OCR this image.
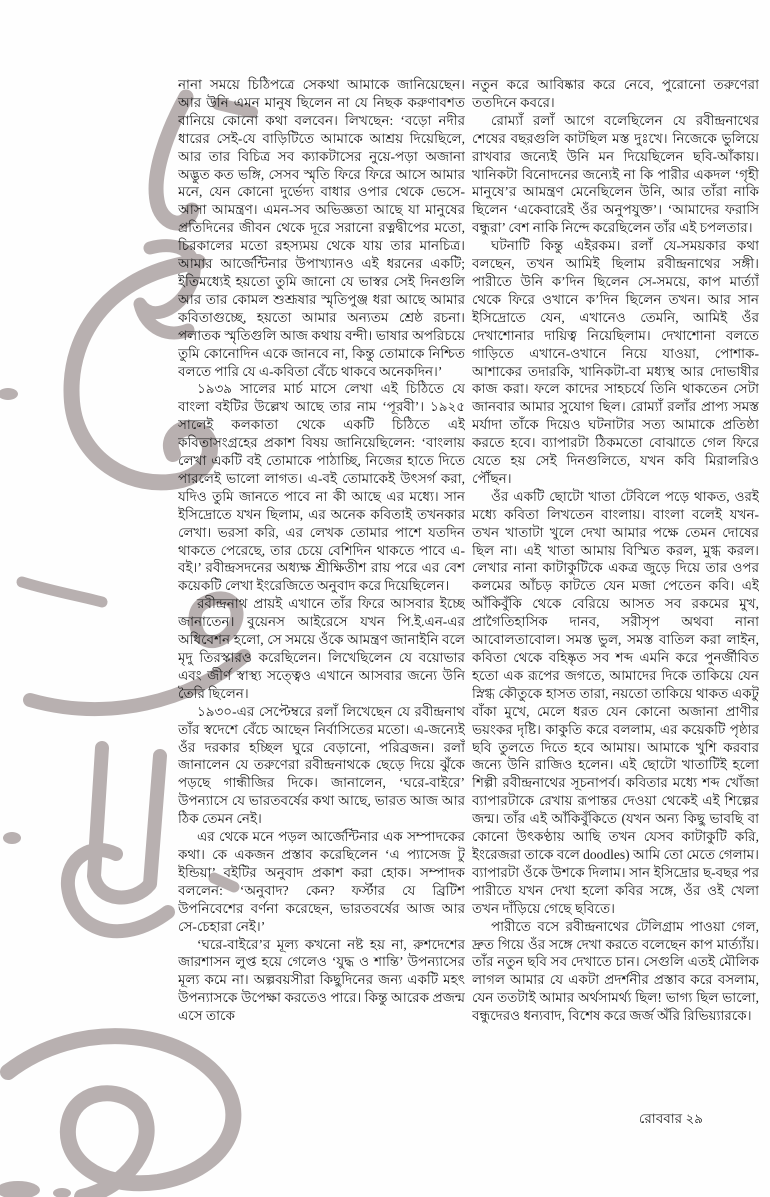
নানা সময়ে চিঠিপত্রে সেকথা আমাকে জানিয়েছেন। আর উনি এমন মানুষ ছিলেন না যে নিছক করুণাবশত বানিয়ে কোনো কথা বলবেন। লিখছেন: ‘বড়ো নদীর ধারের সেই-যে বাড়িটিতে আমাকে আশ্রয় দিয়েছিলে, আর তার বিচিত্র সব ক্যাকটাসের নুয়ে-পড়া অজানা অদ্ভুত কত ভঙ্গি, সেসব স্মৃতি ফিরে ফিরে আসে আমার মনে, যেন কোনো দুর্ভেদ্য বাধার ওপার থেকে ভেসে-আসা আমন্ত্রণ। এমন-সব অভিজ্ঞতা আছে যা মানুষের প্রতিদিনের জীবন থেকে দূরে সরানো রত্নদ্বীপের মতো, চিরকালের মতো রহস্যময় থেকে যায় তার মানচিত্র। আমার আর্জেন্টিনার উপাখ্যানও এই ধরনের একটি; ইতিমধ্যেই হয়তো তুমি জানো যে ভাস্বর সেই দিনগুলি আর তার কোমল শুশ্রূষার স্মৃতিপুঞ্জ ধরা আছে আমার কবিতাগুচ্ছে, হয়তো আমার অন্যতম শ্রেষ্ঠ রচনা। পলাতক স্মৃতিগুলি আজ কথায় বন্দী। ভাষার অপরিচয়ে তুমি কোনোদিন একে জানবে না, কিন্তু তোমাকে নিশ্চিত বলতে পারি যে এ-কবিতা বেঁচে থাকবে অনেকদিন।’

১৯৩৯ সালের মার্চ মাসে লেখা এই চিঠিতে যে বাংলা বইটির উল্লেখ আছে তার নাম ‘পূরবী’। ১৯২৫ সালেই কলকাতা থেকে একটি চিঠিতে এই কবিতাসংগ্রহের প্রকাশ বিষয় জানিয়েছিলেন: ‘বাংলায় লেখা একটি বই তোমাকে পাঠাচ্ছি, নিজের হাতে দিতে পারলেই ভালো লাগত। এ-বই তোমাকেই উৎসর্গ করা, যদিও তুমি জানতে পাবে না কী আছে এর মধ্যে। সান ইসিদ্রোতে যখন ছিলাম, এর অনেক কবিতাই তখনকার লেখা। ভরসা করি, এর লেখক তোমার পাশে যতদিন থাকতে পেরেছে, তার চেয়ে বেশিদিন থাকতে পাবে এ-বই।’ রবীন্দ্রসদনের অধ্যক্ষ শ্রীক্ষিতীশ রায় পরে এর বেশ কয়েকটি লেখা ইংরেজিতে অনুবাদ করে দিয়েছিলেন।

রবীন্দ্রনাথ প্রায়ই এখানে তাঁর ফিরে আসবার ইচ্ছে জানাতেন। বুয়েনস আইরেসে যখন পি.ই.এন-এর অধিবেশন হলো, সে সময়ে ওঁকে আমন্ত্রণ জানাইনি বলে মৃদু তিরস্কারও করেছিলেন। লিখেছিলেন যে বয়োভার এবং জীর্ণ স্বাস্থ্য সত্ত্বেও এখানে আসবার জন্যে উনি তৈরি ছিলেন।

১৯৩০-এর সেপ্টেম্বরে রলাঁ লিখেছেন যে রবীন্দ্রনাথ তাঁর স্বদেশে বেঁচে আছেন নির্বাসিতের মতো। এ-জন্যেই ওঁর দরকার হচ্ছিল ঘুরে বেড়ানো, পরিব্রজন। রলাঁ জানালেন যে তরুণেরা রবীন্দ্রনাথকে ছেড়ে দিয়ে ঝুঁকে পড়ছে গান্ধীজির দিকে। জানালেন, ‘ঘরে-বাইরে’ উপন্যাসে যে ভারতবর্ষের কথা আছে, ভারত আজ আর ঠিক তেমন নেই।

এর থেকে মনে পড়ল আর্জেন্টিনার এক সম্পাদকের কথা। কে একজন প্রস্তাব করেছিলেন ‘এ প্যাসেজ টু ইন্ডিয়া’ বইটির অনুবাদ প্রকাশ করা হোক। সম্পাদক বললেন: ‘অনুবাদ? কেন? ফর্স্টার যে ব্রিটিশ উপনিবেশের বর্ণনা করেছেন, ভারতবর্ষের আজ আর সে-চেহারা নেই।’

‘ঘরে-বাইরে’র মূল্য কখনো নষ্ট হয় না, রুশদেশের জারশাসন লুপ্ত হয়ে গেলেও ‘যুদ্ধ ও শান্তি’ উপন্যাসের মূল্য কমে না। অল্পবয়সীরা কিছুদিনের জন্য একটি মহৎ উপন্যাসকে উপেক্ষা করতেও পারে। কিন্তু আরেক প্রজন্ম এসে তাকে

নতুন করে আবিষ্কার করে নেবে, পুরোনো তরুণেরা ততদিনে কবরে।

রোম্যাঁ রলাঁ আগে বলেছিলেন যে রবীন্দ্রনাথের শেষের বছরগুলি কাটছিল মস্ত দুঃখে। নিজেকে ভুলিয়ে রাখবার জন্যেই উনি মন দিয়েছিলেন ছবি-আঁকায়। খানিকটা বিনোদনের জন্যেই না কি পারীর একদল ‘গৃহী মানুষে’র আমন্ত্রণ মেনেছিলেন উনি, আর তাঁরা নাকি ছিলেন ‘একেবারেই ওঁর অনুপযুক্ত’। ‘আমাদের ফরাসি বন্ধুরা’ বেশ নাকি নিন্দে করেছিলেন তাঁর এই চপলতার।

ঘটনাটি কিন্তু এইরকম। রলাঁ যে-সময়কার কথা বলছেন, তখন আমিই ছিলাম রবীন্দ্রনাথের সঙ্গী। পারীতে উনি ক’দিন ছিলেন সে-সময়ে, কাপ মার্ত্যাঁ থেকে ফিরে ওখানে ক’দিন ছিলেন তখন। আর সান ইসিদ্রোতে যেন, এখানেও তেমনি, আমিই ওঁর দেখাশোনার দায়িত্ব নিয়েছিলাম। দেখাশোনা বলতে গাড়িতে এখানে-ওখানে নিয়ে যাওয়া, পোশাক-আশাকের তদারকি, খানিকটা-বা মধ্যস্থ আর দোভাষীর কাজ করা। ফলে কাদের সাহচর্যে তিনি থাকতেন সেটা জানবার আমার সুযোগ ছিল। রোম্যাঁ রলাঁর প্রাপ্য সমস্ত মর্যাদা তাঁকে দিয়েও ঘটনাটার সত্য আমাকে প্রতিষ্ঠা করতে হবে। ব্যাপারটা ঠিকমতো বোঝাতে গেল ফিরে যেতে হয় সেই দিনগুলিতে, যখন কবি মিরালরিও পৌঁছন।

ওঁর একটি ছোটো খাতা টেবিলে পড়ে থাকত, ওরই মধ্যে কবিতা লিখতেন বাংলায়। বাংলা বলেই যখন-তখন খাতাটা খুলে দেখা আমার পক্ষে তেমন দোষের ছিল না। এই খাতা আমায় বিস্মিত করল, মুগ্ধ করল। লেখার নানা কাটাকুটিকে একত্র জুড়ে দিয়ে তার ওপর কলমের আঁচড় কাটতে যেন মজা পেতেন কবি। এই আঁকিবুঁকি থেকে বেরিয়ে আসত সব রকমের মুখ, প্রাগৈতিহাসিক দানব, সরীসৃপ অথবা নানা আবোলতাবোল। সমস্ত ভুল, সমস্ত বাতিল করা লাইন, কবিতা থেকে বহিষ্কৃত সব শব্দ এমনি করে পুনর্জীবিত হতো এক রূপের জগতে, আমাদের দিকে তাকিয়ে যেন স্নিগ্ধ কৌতুকে হাসত তারা, নয়তো তাকিয়ে থাকত একটু বাঁকা মুখে, মেলে ধরত যেন কোনো অজানা প্রাণীর ভয়ংকর দৃষ্টি। কাকুতি করে বললাম, এর কয়েকটি পৃষ্ঠার ছবি তুলতে দিতে হবে আমায়। আমাকে খুশি করবার জন্যে উনি রাজিও হলেন। এই ছোটো খাতাটিই হলো শিল্পী রবীন্দ্রনাথের সূচনাপর্ব। কবিতার মধ্যে শব্দ খোঁজা ব্যাপারটাকে রেখায় রূপান্তর দেওয়া থেকেই এই শিল্পের জন্ম। তাঁর এই আঁকিবুঁকিতে (যখন অন্য কিছু ভাবছি বা কোনো উৎকণ্ঠায় আছি তখন যেসব কাটাকুটি করি, ইংরেজরা তাকে বলে doodles) আমি তো মেতে গেলাম। ব্যাপারটা ওঁকে উশকে দিলাম। সান ইসিদ্রোর ছ-বছর পর পারীতে যখন দেখা হলো কবির সঙ্গে, ওঁর ওই খেলা তখন দাঁড়িয়ে গেছে ছবিতে।

পারীতে বসে রবীন্দ্রনাথের টেলিগ্রাম পাওয়া গেল, দ্রুত গিয়ে ওঁর সঙ্গে দেখা করতে বলেছেন কাপ মার্ত্যাঁয়। তাঁর নতুন ছবি সব দেখাতে চান। সেগুলি এতই মৌলিক লাগল আমার যে একটা প্রদর্শনীর প্রস্তাব করে বসলাম, যেন ততটাই আমার অর্থসামর্থ্য ছিল! ভাগ্য ছিল ভালো, বন্ধুদেরও ধন্যবাদ, বিশেষ করে জর্জ অঁরি রিভিয়্যারকে।

রোববার ২৯
